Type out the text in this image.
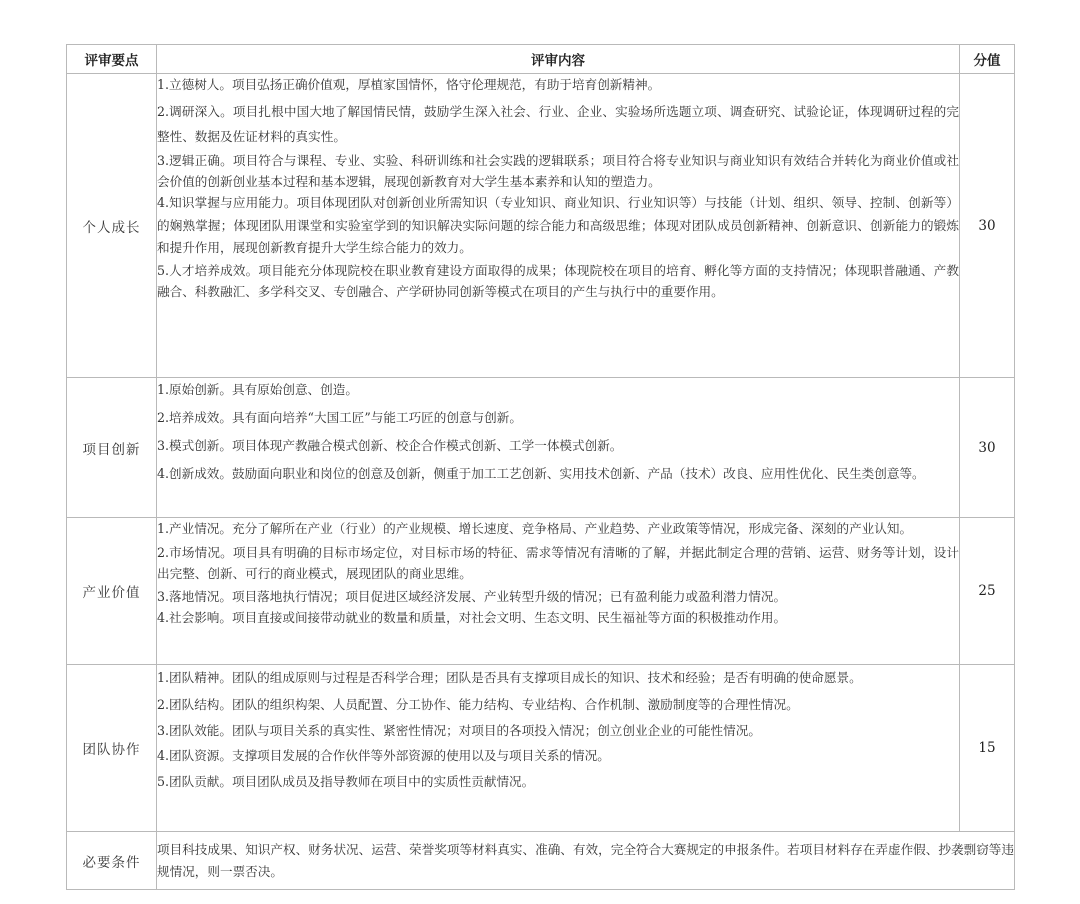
评审要点	评审内容	分值
个人成长	1.立德树人。项目弘扬正确价值观，厚植家国情怀，恪守伦理规范，有助于培育创新精神。

2.调研深入。项目扎根中国大地了解国情民情，鼓励学生深入社会、行业、企业、实验场所选题立项、调查研究、试验论证，体现调研过程的完整性、数据及佐证材料的真实性。

3.逻辑正确。项目符合与课程、专业、实验、科研训练和社会实践的逻辑联系；项目符合将专业知识与商业知识有效结合并转化为商业价值或社会价值的创新创业基本过程和基本逻辑，展现创新教育对大学生基本素养和认知的塑造力。

4.知识掌握与应用能力。项目体现团队对创新创业所需知识（专业知识、商业知识、行业知识等）与技能（计划、组织、领导、控制、创新等）的娴熟掌握；体现团队用课堂和实验室学到的知识解决实际问题的综合能力和高级思维；体现对团队成员创新精神、创新意识、创新能力的锻炼和提升作用，展现创新教育提升大学生综合能力的效力。

5.人才培养成效。项目能充分体现院校在职业教育建设方面取得的成果；体现院校在项目的培育、孵化等方面的支持情况；体现职普融通、产教融合、科教融汇、多学科交叉、专创融合、产学研协同创新等模式在项目的产生与执行中的重要作用。	30
项目创新	1.原始创新。具有原始创意、创造。

2.培养成效。具有面向培养“大国工匠”与能工巧匠的创意与创新。

3.模式创新。项目体现产教融合模式创新、校企合作模式创新、工学一体模式创新。

4.创新成效。鼓励面向职业和岗位的创意及创新，侧重于加工工艺创新、实用技术创新、产品（技术）改良、应用性优化、民生类创意等。	30
产业价值	1.产业情况。充分了解所在产业（行业）的产业规模、增长速度、竞争格局、产业趋势、产业政策等情况，形成完备、深刻的产业认知。

2.市场情况。项目具有明确的目标市场定位，对目标市场的特征、需求等情况有清晰的了解，并据此制定合理的营销、运营、财务等计划，设计出完整、创新、可行的商业模式，展现团队的商业思维。

3.落地情况。项目落地执行情况；项目促进区域经济发展、产业转型升级的情况；已有盈利能力或盈利潜力情况。

4.社会影响。项目直接或间接带动就业的数量和质量，对社会文明、生态文明、民生福祉等方面的积极推动作用。	25
团队协作	1.团队精神。团队的组成原则与过程是否科学合理；团队是否具有支撑项目成长的知识、技术和经验；是否有明确的使命愿景。

2.团队结构。团队的组织构架、人员配置、分工协作、能力结构、专业结构、合作机制、激励制度等的合理性情况。

3.团队效能。团队与项目关系的真实性、紧密性情况；对项目的各项投入情况；创立创业企业的可能性情况。

4.团队资源。支撑项目发展的合作伙伴等外部资源的使用以及与项目关系的情况。

5.团队贡献。项目团队成员及指导教师在项目中的实质性贡献情况。	15
必要条件	项目科技成果、知识产权、财务状况、运营、荣誉奖项等材料真实、准确、有效，完全符合大赛规定的申报条件。若项目材料存在弄虚作假、抄袭剽窃等违规情况，则一票否决。	
